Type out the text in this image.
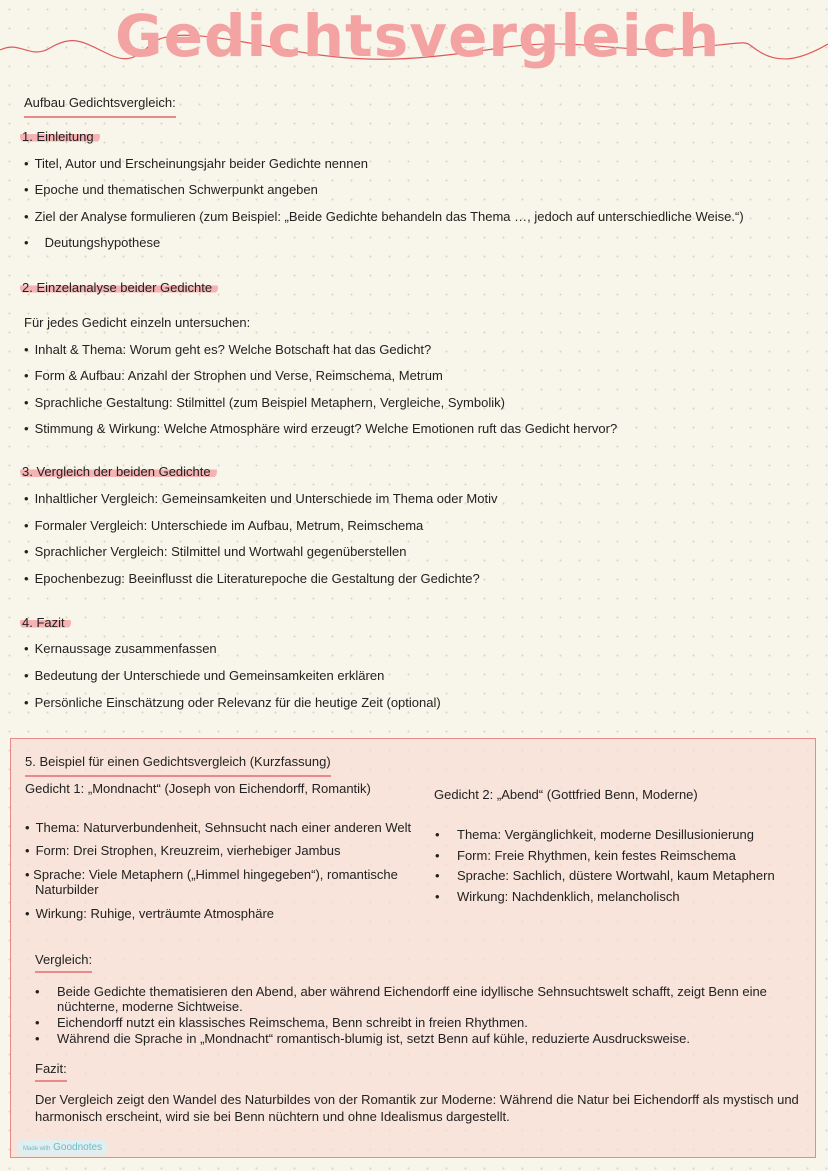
Gedichtsvergleich
Aufbau Gedichtsvergleich:
1. Einleitung
• Titel, Autor und Erscheinungsjahr beider Gedichte nennen
• Epoche und thematischen Schwerpunkt angeben
• Ziel der Analyse formulieren (zum Beispiel: „Beide Gedichte behandeln das Thema …, jedoch auf unterschiedliche Weise.“)
• Deutungshypothese
2. Einzelanalyse beider Gedichte
Für jedes Gedicht einzeln untersuchen:
• Inhalt & Thema: Worum geht es? Welche Botschaft hat das Gedicht?
• Form & Aufbau: Anzahl der Strophen und Verse, Reimschema, Metrum
• Sprachliche Gestaltung: Stilmittel (zum Beispiel Metaphern, Vergleiche, Symbolik)
• Stimmung & Wirkung: Welche Atmosphäre wird erzeugt? Welche Emotionen ruft das Gedicht hervor?
3. Vergleich der beiden Gedichte
• Inhaltlicher Vergleich: Gemeinsamkeiten und Unterschiede im Thema oder Motiv
• Formaler Vergleich: Unterschiede im Aufbau, Metrum, Reimschema
• Sprachlicher Vergleich: Stilmittel und Wortwahl gegenüberstellen
• Epochenbezug: Beeinflusst die Literaturepoche die Gestaltung der Gedichte?
4. Fazit
• Kernaussage zusammenfassen
• Bedeutung der Unterschiede und Gemeinsamkeiten erklären
• Persönliche Einschätzung oder Relevanz für die heutige Zeit (optional)
5. Beispiel für einen Gedichtsvergleich (Kurzfassung)
Gedicht 1: „Mondnacht“ (Joseph von Eichendorff, Romantik)	Gedicht 2: „Abend“ (Gottfried Benn, Moderne)
• Thema: Naturverbundenheit, Sehnsucht nach einer anderen Welt
• Form: Drei Strophen, Kreuzreim, vierhebiger Jambus
• Sprache: Viele Metaphern („Himmel hingegeben“), romantische Naturbilder
• Wirkung: Ruhige, verträumte Atmosphäre
• Thema: Vergänglichkeit, moderne Desillusionierung
• Form: Freie Rhythmen, kein festes Reimschema
• Sprache: Sachlich, düstere Wortwahl, kaum Metaphern
• Wirkung: Nachdenklich, melancholisch
Vergleich:
• Beide Gedichte thematisieren den Abend, aber während Eichendorff eine idyllische Sehnsuchtswelt schafft, zeigt Benn eine nüchterne, moderne Sichtweise.
• Eichendorff nutzt ein klassisches Reimschema, Benn schreibt in freien Rhythmen.
• Während die Sprache in „Mondnacht“ romantisch-blumig ist, setzt Benn auf kühle, reduzierte Ausdrucksweise.
Fazit:
Der Vergleich zeigt den Wandel des Naturbildes von der Romantik zur Moderne: Während die Natur bei Eichendorff als mystisch und harmonisch erscheint, wird sie bei Benn nüchtern und ohne Idealismus dargestellt.
Made with Goodnotes
